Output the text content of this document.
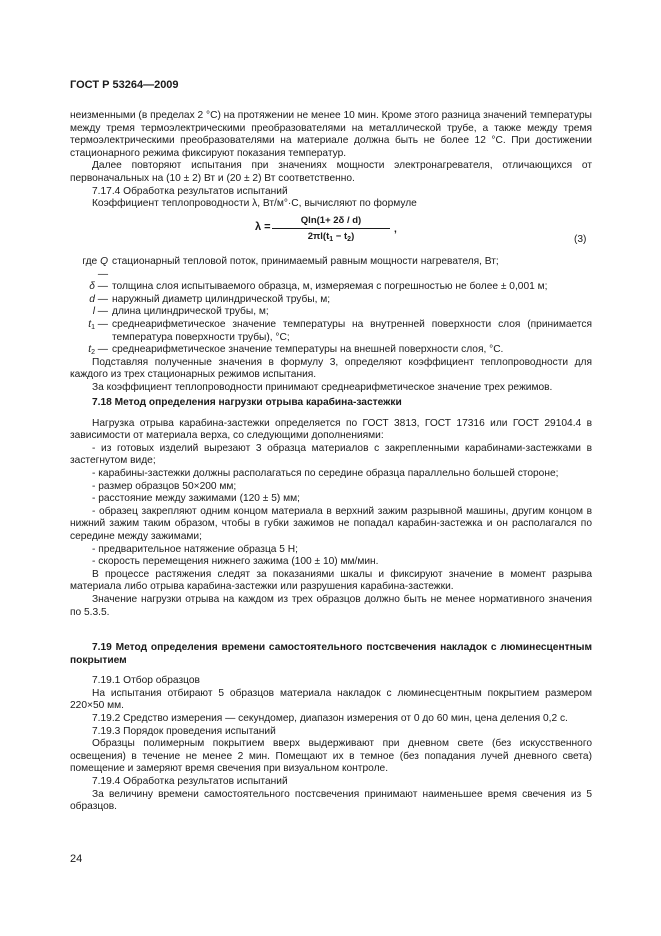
ГОСТ Р 53264—2009

неизменными (в пределах 2 °С) на протяжении не менее 10 мин. Кроме этого разница значений температуры между тремя термоэлектрическими преобразователями на металлической трубе, а также между тремя термоэлектрическими преобразователями на материале должна быть не более 12 °С. При достижении стационарного режима фиксируют показания температур.

Далее повторяют испытания при значениях мощности электронагревателя, отличающихся от первоначальных на (10 ± 2) Вт и (20 ± 2) Вт соответственно.

7.17.4 Обработка результатов испытаний

Коэффициент теплопроводности λ, Вт/м°·С, вычисляют по формуле

λ =
Qln(1+ 2δ / d)
$2\pi l(t_1 - t_2)$
,
(3)
где Q —
стационарный тепловой поток, принимаемый равным мощности нагревателя, Вт;
δ — толщина слоя испытываемого образца, м, измеряемая с погрешностью не более ± 0,001 м;
d — наружный диаметр цилиндрической трубы, м;
l — длина цилиндрической трубы, м;
$t_1$ — среднеарифметическое значение температуры на внутренней поверхности слоя (принимается температура поверхности трубы), °С;
$t_2$ — среднеарифметическое значение температуры на внешней поверхности слоя, °С.

Подставляя полученные значения в формулу 3, определяют коэффициент теплопроводности для каждого из трех стационарных режимов испытания.

За коэффициент теплопроводности принимают среднеарифметическое значение трех режимов.

7.18 Метод определения нагрузки отрыва карабина-застежки

Нагрузка отрыва карабина-застежки определяется по ГОСТ 3813, ГОСТ 17316 или ГОСТ 29104.4 в зависимости от материала верха, со следующими дополнениями:

- из готовых изделий вырезают 3 образца материалов с закрепленными карабинами-застежками в застегнутом виде;

- карабины-застежки должны располагаться по середине образца параллельно большей стороне;

- размер образцов 50×200 мм;

- расстояние между зажимами (120 ± 5) мм;

- образец закрепляют одним концом материала в верхний зажим разрывной машины, другим концом в нижний зажим таким образом, чтобы в губки зажимов не попадал карабин-застежка и он располагался по середине между зажимами;

- предварительное натяжение образца 5 Н;

- скорость перемещения нижнего зажима (100 ± 10) мм/мин.

В процессе растяжения следят за показаниями шкалы и фиксируют значение в момент разрыва материала либо отрыва карабина-застежки или разрушения карабина-застежки.

Значение нагрузки отрыва на каждом из трех образцов должно быть не менее нормативного значения по 5.3.5.

7.19 Метод определения времени самостоятельного постсвечения накладок с люминесцентным покрытием

7.19.1 Отбор образцов

На испытания отбирают 5 образцов материала накладок с люминесцентным покрытием размером 220×50 мм.

7.19.2 Средство измерения — секундомер, диапазон измерения от 0 до 60 мин, цена деления 0,2 с.

7.19.3 Порядок проведения испытаний

Образцы полимерным покрытием вверх выдерживают при дневном свете (без искусственного освещения) в течение не менее 2 мин. Помещают их в темное (без попадания лучей дневного света) помещение и замеряют время свечения при визуальном контроле.

7.19.4 Обработка результатов испытаний

За величину времени самостоятельного постсвечения принимают наименьшее время свечения из 5 образцов.

24
